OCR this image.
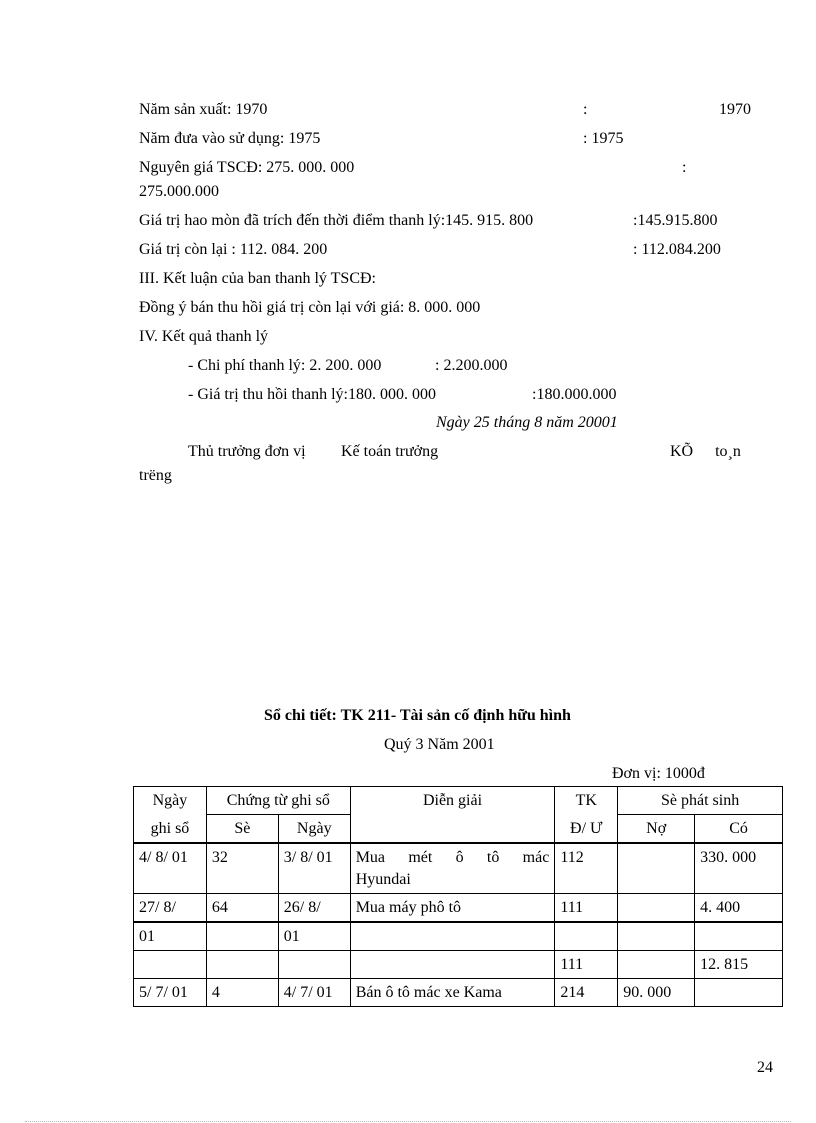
Năm sản xuất: 1970	:	1970
Năm đưa vào sử dụng: 1975	: 1975
Nguyên giá TSCĐ: 275. 000. 000	:
275.000.000
Giá trị hao mòn đã trích đến thời điểm thanh lý:145. 915. 800	:145.915.800
Giá trị còn lại : 112. 084. 200	: 112.084.200
III. Kết luận của ban thanh lý TSCĐ:
Đồng ý bán thu hồi giá trị còn lại với giá: 8. 000. 000
IV. Kết quả thanh lý
- Chi phí thanh lý: 2. 200. 000	: 2.200.000
- Giá trị thu hồi thanh lý:180. 000. 000	:180.000.000
Ngày 25 tháng 8 năm 20001
Thủ trưởng đơn vị Kế toán trưởng	KÕ to¸n
trëng
Sổ chi tiết: TK 211- Tài sản cố định hữu hình
Quý 3 Năm 2001
Đơn vị: 1000đ
Ngày	Chứng từ ghi sổ		Diễn giải	TK	Sè phát sinh	
ghi sổ	Sè	Ngày		Đ/ Ư	Nợ	Có
4/ 8/ 01	32	3/ 8/ 01	Mua mét ô tô mác Hyundai	112		330. 000
27/ 8/	64	26/ 8/	Mua máy phô tô	111		4. 400
01		01				
				111		12. 815
5/ 7/ 01	4	4/ 7/ 01	Bán ô tô mác xe Kama	214	90. 000	
24
